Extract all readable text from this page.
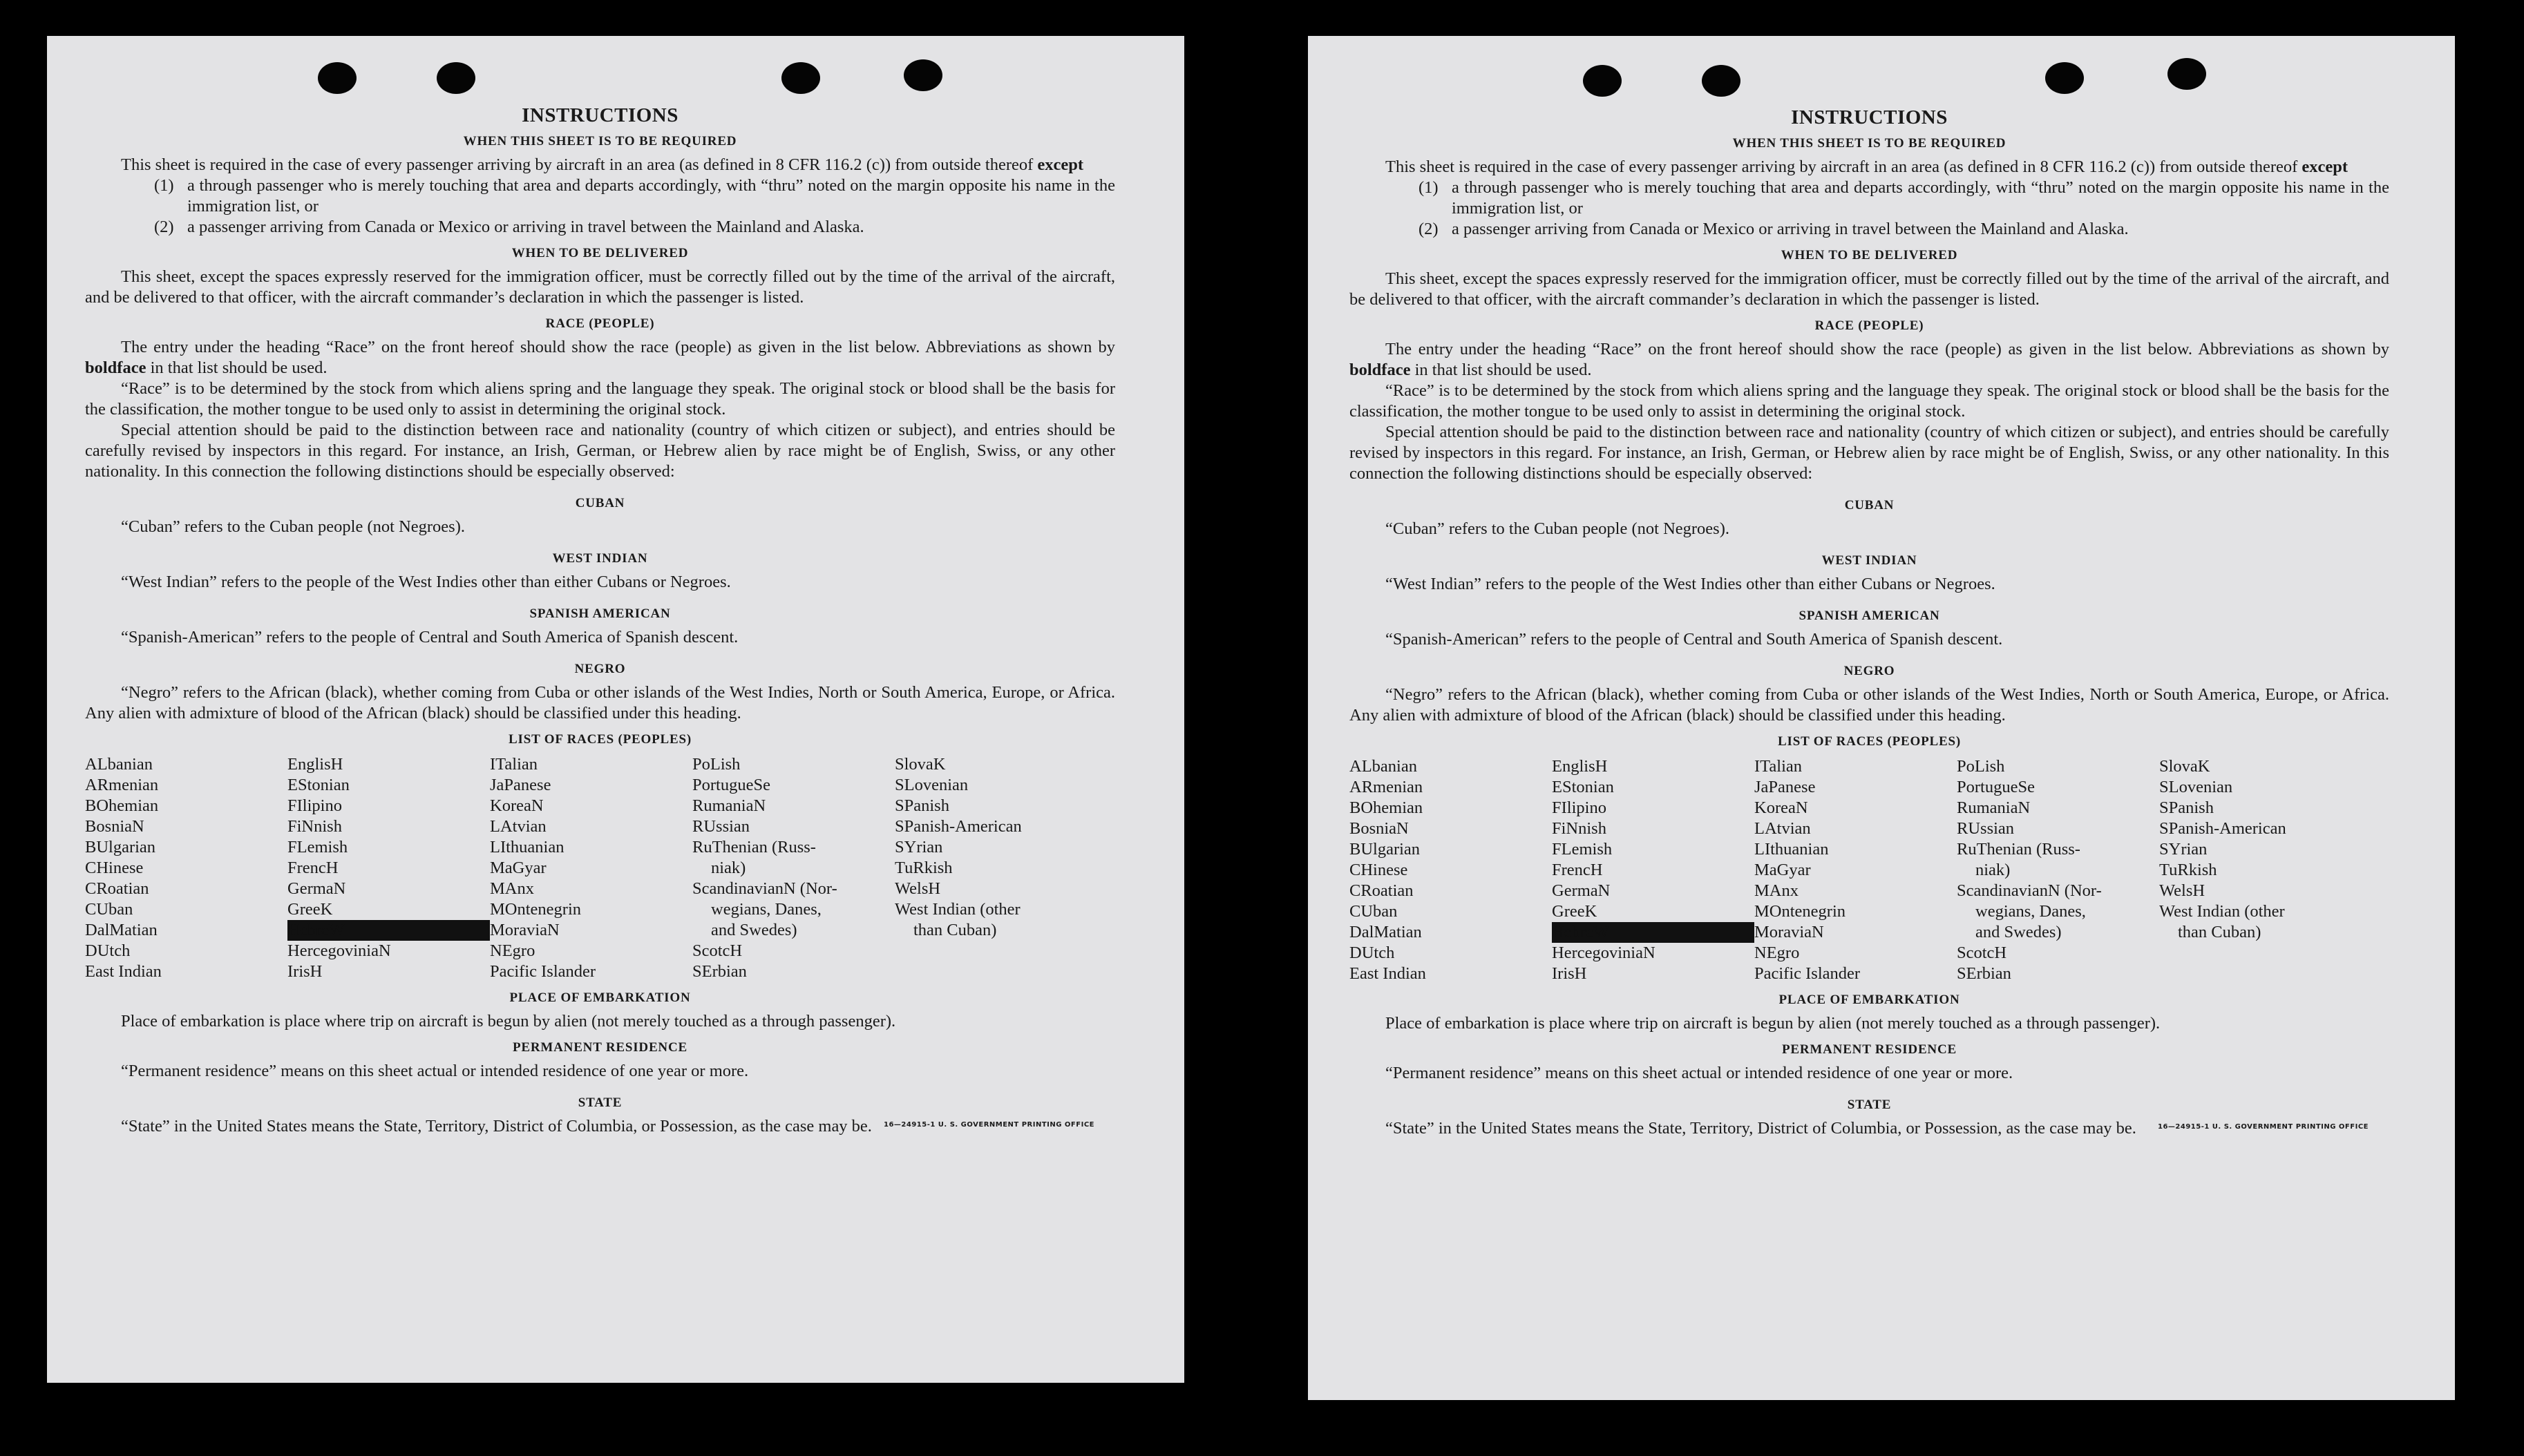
INSTRUCTIONS
WHEN THIS SHEET IS TO BE REQUIRED

This sheet is required in the case of every passenger arriving by aircraft in an area (as defined in 8 CFR 116.2 (c)) from outside thereof except

(1) a through passenger who is merely touching that area and departs accordingly, with “thru” noted on the margin opposite his name in the immigration list, or
(2) a passenger arriving from Canada or Mexico or arriving in travel between the Mainland and Alaska.
WHEN TO BE DELIVERED

This sheet, except the spaces expressly reserved for the immigration officer, must be correctly filled out by the time of the arrival of the aircraft, and be delivered to that officer, with the aircraft commander’s declaration in which the passenger is listed.

RACE (PEOPLE)

The entry under the heading “Race” on the front hereof should show the race (people) as given in the list below. Abbreviations as shown by boldface in that list should be used.

“Race” is to be determined by the stock from which aliens spring and the language they speak. The original stock or blood shall be the basis for the classification, the mother tongue to be used only to assist in determining the original stock.

Special attention should be paid to the distinction between race and nationality (country of which citizen or subject), and entries should be carefully revised by inspectors in this regard. For instance, an Irish, German, or Hebrew alien by race might be of English, Swiss, or any other nationality. In this connection the following distinctions should be especially observed:

CUBAN

“Cuban” refers to the Cuban people (not Negroes).

WEST INDIAN

“West Indian” refers to the people of the West Indies other than either Cubans or Negroes.

SPANISH AMERICAN

“Spanish-American” refers to the people of Central and South America of Spanish descent.

NEGRO

“Negro” refers to the African (black), whether coming from Cuba or other islands of the West Indies, North or South America, Europe, or Africa. Any alien with admixture of blood of the African (black) should be classified under this heading.

LIST OF RACES (PEOPLES)
ALbanian
ARmenian
BOhemian
BosniaN
BUlgarian
CHinese
CRoatian
CUban
DalMatian
DUtch
East Indian
EnglisH
EStonian
FIlipino
FiNnish
FLemish
FrencH
GermaN
GreeK
HebreW
HercegoviniaN
IrisH
ITalian
JaPanese
KoreaN
LAtvian
LIthuanian
MaGyar
MAnx
MOntenegrin
MoraviaN
NEgro
Pacific Islander
PoLish
PortugueSe
RumaniaN
RUssian
RuThenian (Russ-
niak)
ScandinavianN (Nor-
wegians, Danes,
and Swedes)
ScotcH
SErbian
SlovaK
SLovenian
SPanish
SPanish-American
SYrian
TuRkish
WelsH
West Indian (other
than Cuban)
PLACE OF EMBARKATION

Place of embarkation is place where trip on aircraft is begun by alien (not merely touched as a through passenger).

PERMANENT RESIDENCE

“Permanent residence” means on this sheet actual or intended residence of one year or more.

STATE

“State” in the United States means the State, Territory, District of Columbia, or Possession, as the case may be.	16—24915-1 U. S. GOVERNMENT PRINTING OFFICE
INSTRUCTIONS
WHEN THIS SHEET IS TO BE REQUIRED

This sheet is required in the case of every passenger arriving by aircraft in an area (as defined in 8 CFR 116.2 (c)) from outside thereof except

(1) a through passenger who is merely touching that area and departs accordingly, with “thru” noted on the margin opposite his name in the immigration list, or
(2) a passenger arriving from Canada or Mexico or arriving in travel between the Mainland and Alaska.
WHEN TO BE DELIVERED

This sheet, except the spaces expressly reserved for the immigration officer, must be correctly filled out by the time of the arrival of the aircraft, and be delivered to that officer, with the aircraft commander’s declaration in which the passenger is listed.

RACE (PEOPLE)

The entry under the heading “Race” on the front hereof should show the race (people) as given in the list below. Abbreviations as shown by boldface in that list should be used.

“Race” is to be determined by the stock from which aliens spring and the language they speak. The original stock or blood shall be the basis for the classification, the mother tongue to be used only to assist in determining the original stock.

Special attention should be paid to the distinction between race and nationality (country of which citizen or subject), and entries should be carefully revised by inspectors in this regard. For instance, an Irish, German, or Hebrew alien by race might be of English, Swiss, or any other nationality. In this connection the following distinctions should be especially observed:

CUBAN

“Cuban” refers to the Cuban people (not Negroes).

WEST INDIAN

“West Indian” refers to the people of the West Indies other than either Cubans or Negroes.

SPANISH AMERICAN

“Spanish-American” refers to the people of Central and South America of Spanish descent.

NEGRO

“Negro” refers to the African (black), whether coming from Cuba or other islands of the West Indies, North or South America, Europe, or Africa. Any alien with admixture of blood of the African (black) should be classified under this heading.

LIST OF RACES (PEOPLES)
ALbanian
ARmenian
BOhemian
BosniaN
BUlgarian
CHinese
CRoatian
CUban
DalMatian
DUtch
East Indian
EnglisH
EStonian
FIlipino
FiNnish
FLemish
FrencH
GermaN
GreeK
HebreW
HercegoviniaN
IrisH
ITalian
JaPanese
KoreaN
LAtvian
LIthuanian
MaGyar
MAnx
MOntenegrin
MoraviaN
NEgro
Pacific Islander
PoLish
PortugueSe
RumaniaN
RUssian
RuThenian (Russ-
niak)
ScandinavianN (Nor-
wegians, Danes,
and Swedes)
ScotcH
SErbian
SlovaK
SLovenian
SPanish
SPanish-American
SYrian
TuRkish
WelsH
West Indian (other
than Cuban)
PLACE OF EMBARKATION

Place of embarkation is place where trip on aircraft is begun by alien (not merely touched as a through passenger).

PERMANENT RESIDENCE

“Permanent residence” means on this sheet actual or intended residence of one year or more.

STATE

“State” in the United States means the State, Territory, District of Columbia, or Possession, as the case may be.	16—24915-1 U. S. GOVERNMENT PRINTING OFFICE
